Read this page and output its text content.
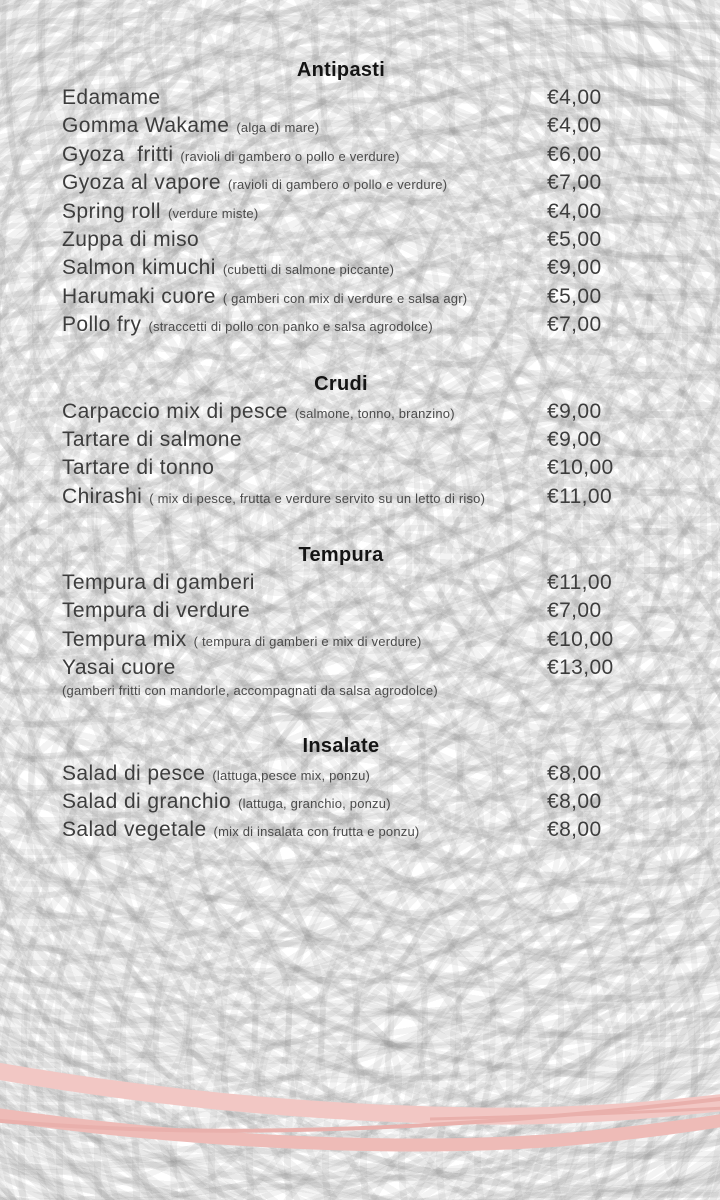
Antipasti
Edamame	€4,00
Gomma Wakame (alga di mare)	€4,00
Gyoza  fritti (ravioli di gambero o pollo e verdure)	€6,00
Gyoza al vapore (ravioli di gambero o pollo e verdure)	€7,00
Spring roll (verdure miste)	€4,00
Zuppa di miso	€5,00
Salmon kimuchi (cubetti di salmone piccante)	€9,00
Harumaki cuore ( gamberi con mix di verdure e salsa agr)	€5,00
Pollo fry (straccetti di pollo con panko e salsa agrodolce)	€7,00
Crudi
Carpaccio mix di pesce (salmone, tonno, branzino)	€9,00
Tartare di salmone	€9,00
Tartare di tonno	€10,00
Chirashi ( mix di pesce, frutta e verdure servito su un letto di riso)	€11,00
Tempura
Tempura di gamberi	€11,00
Tempura di verdure	€7,00
Tempura mix ( tempura di gamberi e mix di verdure)	€10,00
Yasai cuore	€13,00
(gamberi fritti con mandorle, accompagnati da salsa agrodolce)
Insalate
Salad di pesce (lattuga,pesce mix, ponzu)	€8,00
Salad di granchio (lattuga, granchio, ponzu)	€8,00
Salad vegetale (mix di insalata con frutta e ponzu)	€8,00
